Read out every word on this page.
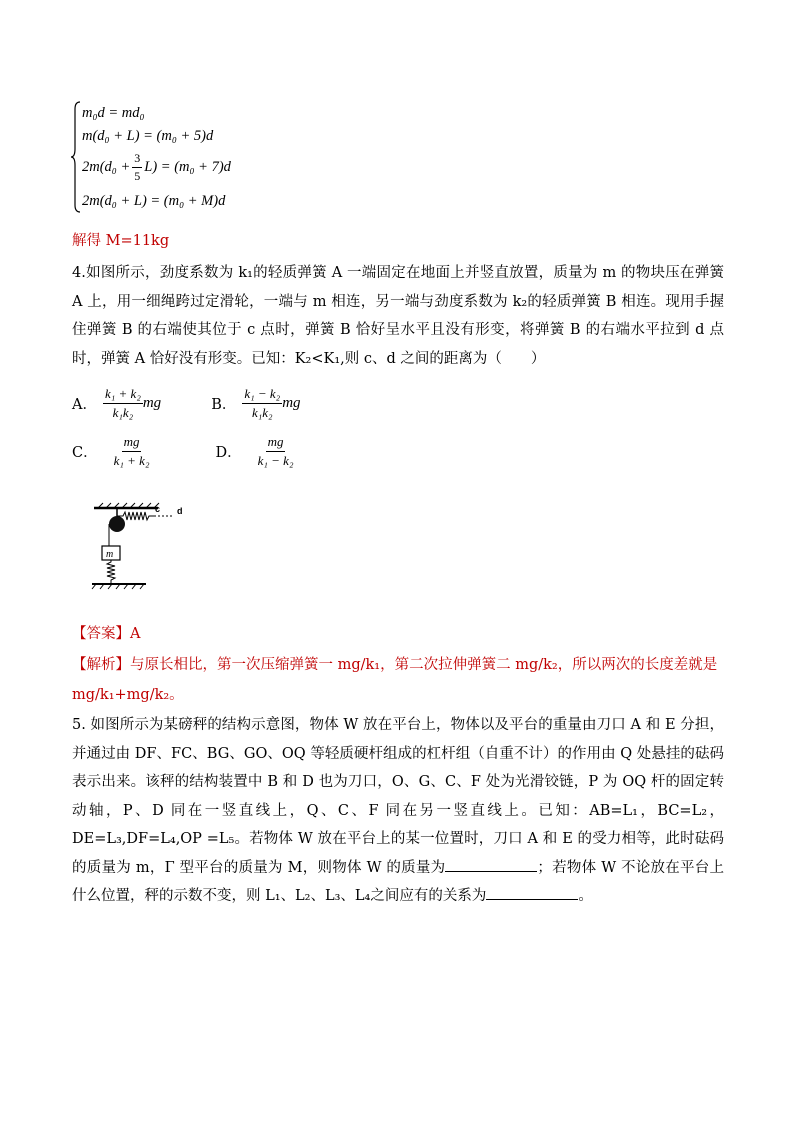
m₀d = md₀
m(d₀ + L) = (m₀ + 5)d
$2m(d_0 + \frac{3}{5} L) = (m_0 + 7)d$
2m(d₀ + L) = (m₀ + M)d
解得 M=11kg
4.如图所示，劲度系数为 k₁的轻质弹簧 A 一端固定在地面上并竖直放置，质量为 m 的物块压在弹簧 A 上，用一细绳跨过定滑轮，一端与 m 相连，另一端与劲度系数为 k₂的轻质弹簧 B 相连。现用手握住弹簧 B 的右端使其位于 c 点时，弹簧 B 恰好呈水平且没有形变，将弹簧 B 的右端水平拉到 d 点时，弹簧 A 恰好没有形变。已知：K₂<K₁,则 c、d 之间的距离为（　　）
A． $\frac{\text{k₁ + k₂}}{\text{k₁k₂}}$ mg	B． $\frac{\text{k₁ − k₂}}{\text{k₁k₂}}$ mg
C． $\frac{mg}{\text{k₁ + k₂}}$	D． $\frac{mg}{\text{k₁ − k₂}}$
c d
m
【答案】A
【解析】与原长相比，第一次压缩弹簧一 mg/k₁，第二次拉伸弹簧二 mg/k₂，所以两次的长度差就是
mg/k₁+mg/k₂。
5. 如图所示为某磅秤的结构示意图，物体 W 放在平台上，物体以及平台的重量由刀口 A 和 E 分担，并通过由 DF、FC、BG、GO、OQ 等轻质硬杆组成的杠杆组（自重不计）的作用由 Q 处悬挂的砝码表示出来。该秤的结构装置中 B 和 D 也为刀口，O、G、C、F 处为光滑铰链，P 为 OQ 杆的固定转动轴，P、D 同在一竖直线上，Q、C、F 同在另一竖直线上。已知：AB=L₁，BC=L₂，DE=L₃,DF=L₄,OP =L₅。若物体 W 放在平台上的某一位置时，刀口 A 和 E 的受力相等，此时砝码的质量为 m，Γ 型平台的质量为 M，则物体 W 的质量为	；若物体 W 不论放在平台上什么位置，秤的示数不变，则 L₁、L₂、L₃、L₄之间应有的关系为	。
